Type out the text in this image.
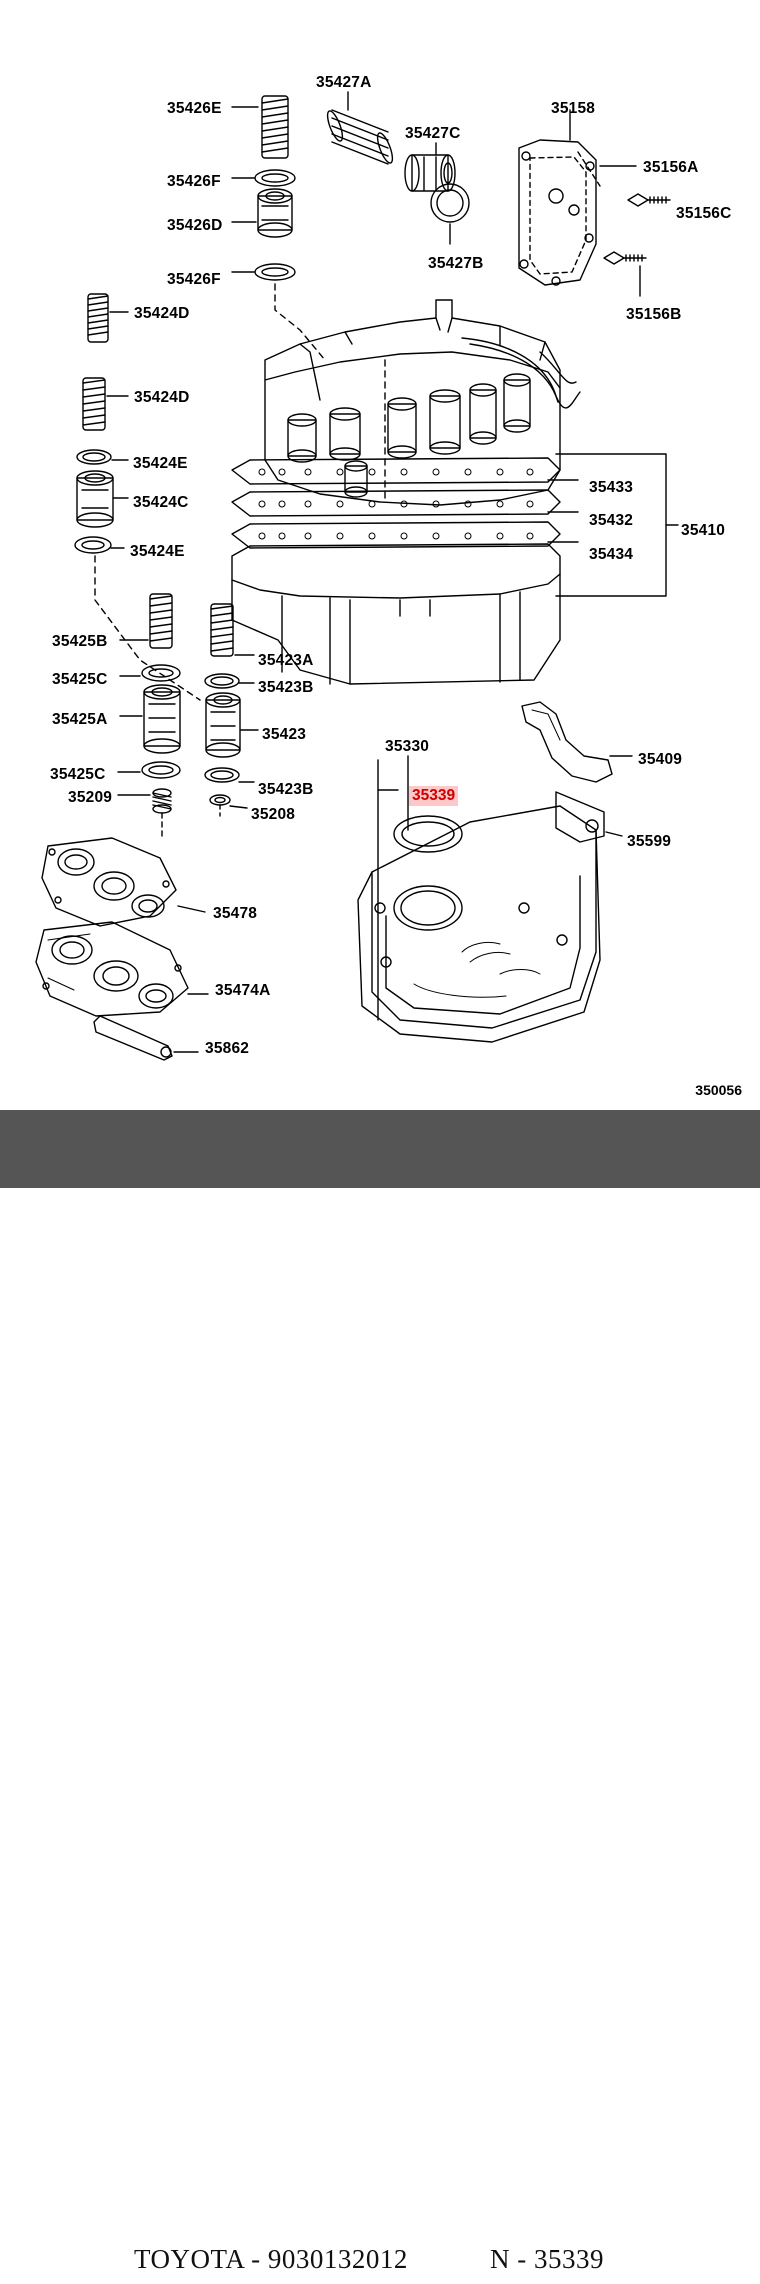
35426E
35427A
35427C
35158
35156A
35156C
35426F
35426D
35427B
35426F
35156B
35424D
35424D
35424E
35424C
35433
35432
35410
35424E	35434
35425B
35423A
35425C	35423B
35425A
35423
35409
35330
35425C
35423B
35209
35208
35599
35478
35474A
35862
35339
350056
TOYOTA - 9030132012	N - 35339
